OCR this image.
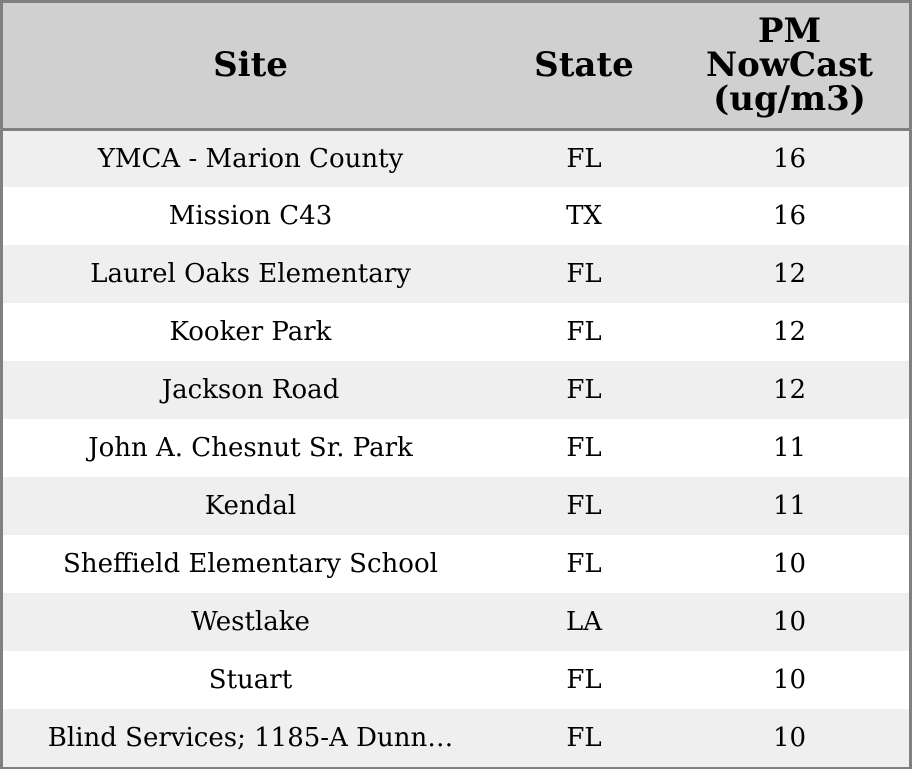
Site	State	PM
NowCast
(ug/m3)

YMCA - Marion County	FL	16
Mission C43	TX	16
Laurel Oaks Elementary	FL	12
Kooker Park	FL	12
Jackson Road	FL	12
John A. Chesnut Sr. Park	FL	11
Kendal	FL	11
Sheffield Elementary School	FL	10
Westlake	LA	10
Stuart	FL	10
Blind Services; 1185-A Dunn…	FL	10
